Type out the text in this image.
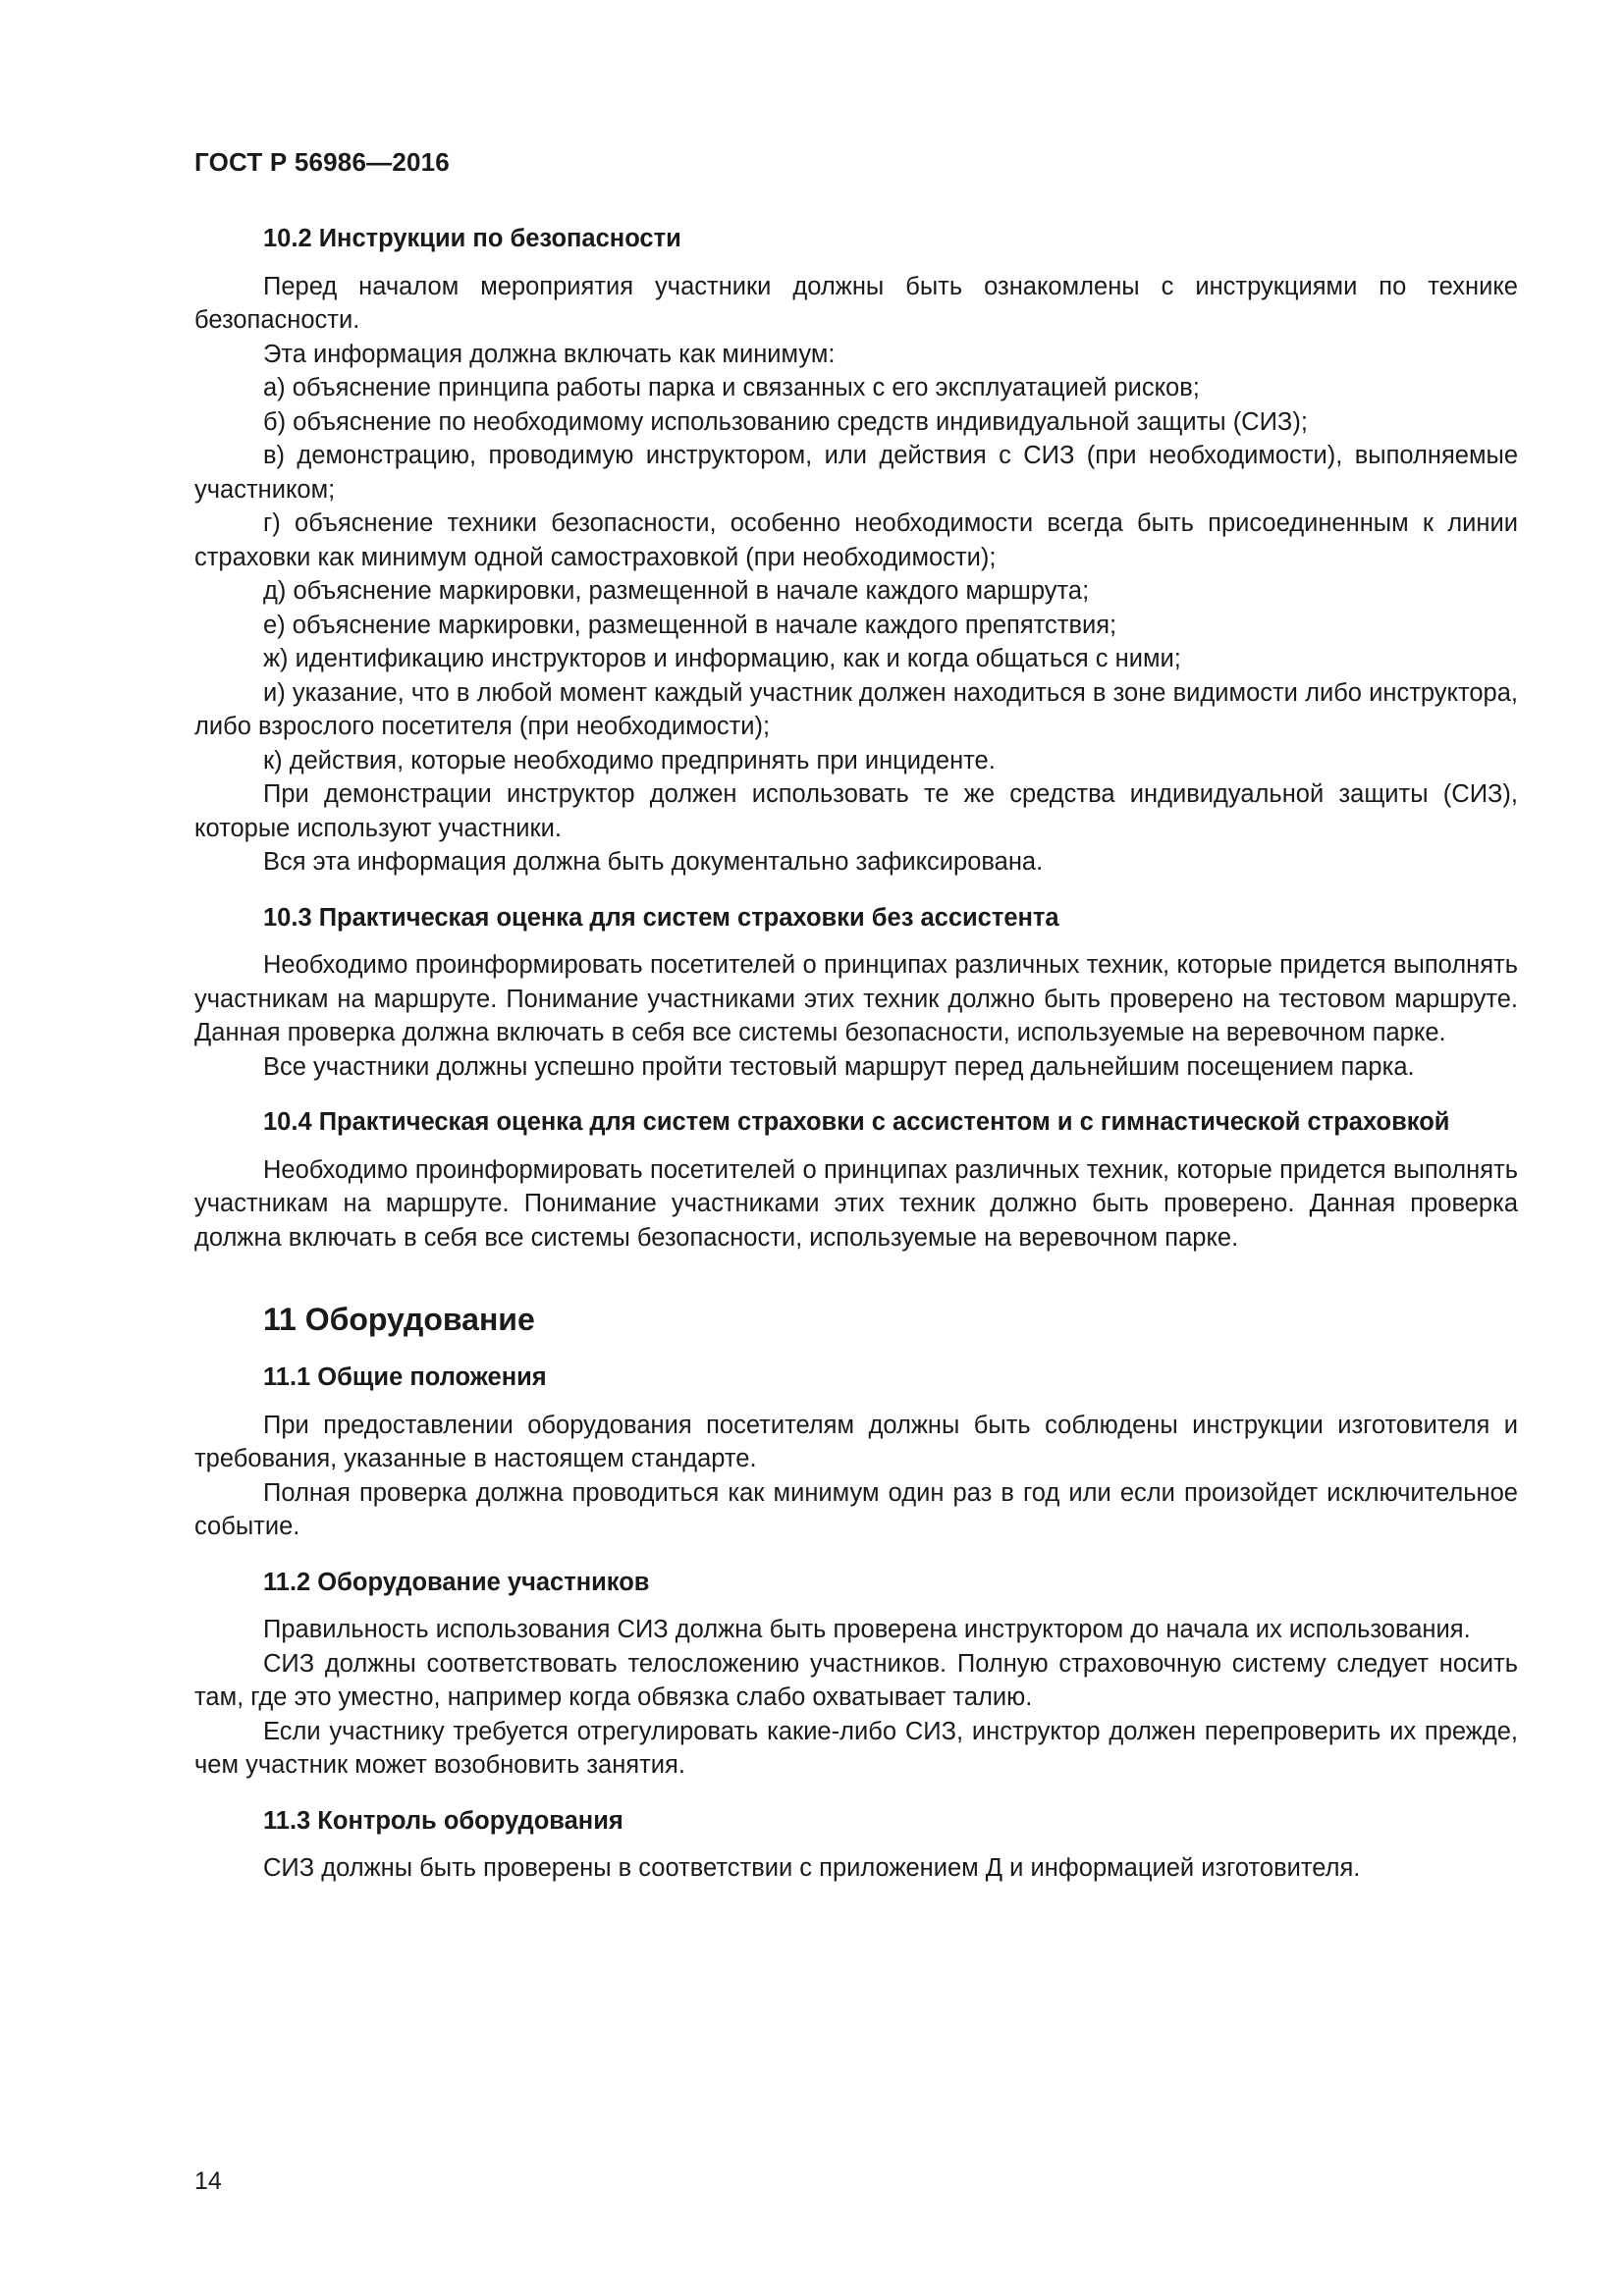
ГОСТ Р 56986—2016
10.2 Инструкции по безопасности

Перед началом мероприятия участники должны быть ознакомлены с инструкциями по технике безопасности.

Эта информация должна включать как минимум:

а) объяснение принципа работы парка и связанных с его эксплуатацией рисков;

б) объяснение по необходимому использованию средств индивидуальной защиты (СИЗ);

в) демонстрацию, проводимую инструктором, или действия с СИЗ (при необходимости), выполняемые участником;

г) объяснение техники безопасности, особенно необходимости всегда быть присоединенным к линии страховки как минимум одной самостраховкой (при необходимости);

д) объяснение маркировки, размещенной в начале каждого маршрута;

е) объяснение маркировки, размещенной в начале каждого препятствия;

ж) идентификацию инструкторов и информацию, как и когда общаться с ними;

и) указание, что в любой момент каждый участник должен находиться в зоне видимости либо инструктора, либо взрослого посетителя (при необходимости);

к) действия, которые необходимо предпринять при инциденте.

При демонстрации инструктор должен использовать те же средства индивидуальной защиты (СИЗ), которые используют участники.

Вся эта информация должна быть документально зафиксирована.

10.3 Практическая оценка для систем страховки без ассистента

Необходимо проинформировать посетителей о принципах различных техник, которые придется выполнять участникам на маршруте. Понимание участниками этих техник должно быть проверено на тестовом маршруте. Данная проверка должна включать в себя все системы безопасности, используемые на веревочном парке.

Все участники должны успешно пройти тестовый маршрут перед дальнейшим посещением парка.

10.4 Практическая оценка для систем страховки с ассистентом и с гимнастической страховкой

Необходимо проинформировать посетителей о принципах различных техник, которые придется выполнять участникам на маршруте. Понимание участниками этих техник должно быть проверено. Данная проверка должна включать в себя все системы безопасности, используемые на веревочном парке.

11 Оборудование
11.1 Общие положения

При предоставлении оборудования посетителям должны быть соблюдены инструкции изготовителя и требования, указанные в настоящем стандарте.

Полная проверка должна проводиться как минимум один раз в год или если произойдет исключительное событие.

11.2 Оборудование участников

Правильность использования СИЗ должна быть проверена инструктором до начала их использования.

СИЗ должны соответствовать телосложению участников. Полную страховочную систему следует носить там, где это уместно, например когда обвязка слабо охватывает талию.

Если участнику требуется отрегулировать какие-либо СИЗ, инструктор должен перепроверить их прежде, чем участник может возобновить занятия.

11.3 Контроль оборудования

СИЗ должны быть проверены в соответствии с приложением Д и информацией изготовителя.

14
